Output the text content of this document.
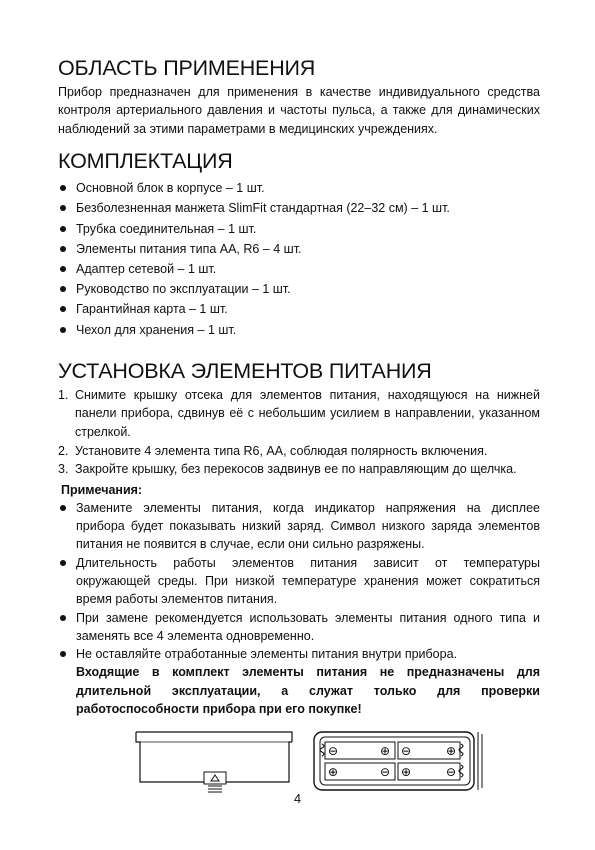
ОБЛАСТЬ ПРИМЕНЕНИЯ

Прибор предназначен для применения в качестве индивидуального средства контроля артериального давления и частоты пульса, а также для динамических наблюдений за этими параметрами в медицинских учреждениях.

КОМПЛЕКТАЦИЯ
Основной блок в корпусе – 1 шт.
Безболезненная манжета SlimFit стандартная (22–32 см) – 1 шт.
Трубка соединительная – 1 шт.
Элементы питания типа АА, R6 – 4 шт.
Адаптер сетевой – 1 шт.
Руководство по эксплуатации – 1 шт.
Гарантийная карта – 1 шт.
Чехол для хранения – 1 шт.
УСТАНОВКА ЭЛЕМЕНТОВ ПИТАНИЯ
1. Снимите крышку отсека для элементов питания, находящуюся на нижней панели прибора, сдвинув её с небольшим усилием в направлении, указанном стрелкой.
2. Установите 4 элемента типа R6, АА, соблюдая полярность включения.
3. Закройте крышку, без перекосов задвинув ее по направляющим до щелчка.
Примечания:
Замените элементы питания, когда индикатор напряжения на дисплее прибора будет показывать низкий заряд. Символ низкого заряда элементов питания не появится в случае, если они сильно разряжены.
Длительность работы элементов питания зависит от температуры окружающей среды. При низкой температуре хранения может сократиться время работы элементов питания.
При замене рекомендуется использовать элементы питания одного типа и заменять все 4 элемента одновременно.
Не оставляйте отработанные элементы питания внутри прибора.
Входящие в комплект элементы питания не предназначены для длительной эксплуатации, а служат только для проверки работоспособности прибора при его покупке!
⊖	⊕ ⊖	⊕
⊕	⊖ ⊕	⊖
4
